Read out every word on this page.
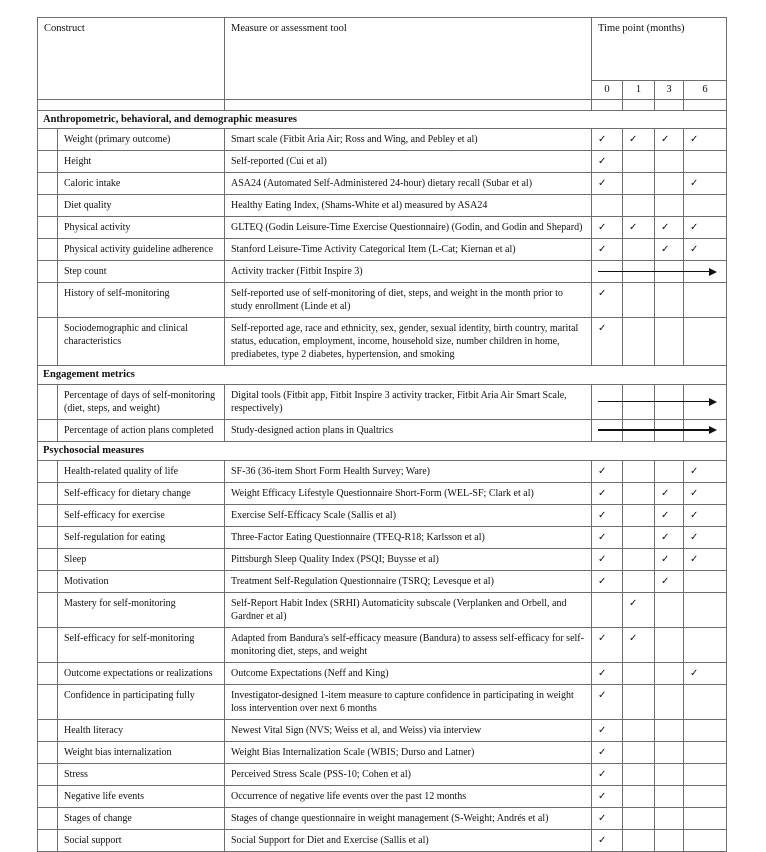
Construct		Measure or assessment tool	Time point (months)			
			0	1	3	6

Anthropometric, behavioral, and demographic measures						
	Weight (primary outcome)	Smart scale (Fitbit Aria Air; Ross and Wing, and Pebley et al)	✓	✓	✓	✓
	Height	Self-reported (Cui et al)	✓			
	Caloric intake	ASA24 (Automated Self-Administered 24-hour) dietary recall (Subar et al)	✓			✓
	Diet quality	Healthy Eating Index, (Shams-White et al) measured by ASA24				
	Physical activity	GLTEQ (Godin Leisure-Time Exercise Questionnaire) (Godin, and Godin and Shepard)	✓	✓	✓	✓
	Physical activity guideline adherence	Stanford Leisure-Time Activity Categorical Item (L-Cat; Kiernan et al)	✓		✓	✓
	Step count	Activity tracker (Fitbit Inspire 3)	

	History of self-monitoring	Self-reported use of self-monitoring of diet, steps, and weight in the month prior to study enrollment (Linde et al)	✓			
	Sociodemographic and clinical characteristics	Self-reported age, race and ethnicity, sex, gender, sexual identity, birth country, marital status, education, employment, income, household size, number children in home, prediabetes, type 2 diabetes, hypertension, and smoking	✓			
Engagement metrics						
	Percentage of days of self-monitoring (diet, steps, and weight)	Digital tools (Fitbit app, Fitbit Inspire 3 activity tracker, Fitbit Aria Air Smart Scale, respectively)	

	Percentage of action plans completed	Study-designed action plans in Qualtrics	

Psychosocial measures						
	Health-related quality of life	SF-36 (36-item Short Form Health Survey; Ware)	✓			✓
	Self-efficacy for dietary change	Weight Efficacy Lifestyle Questionnaire Short-Form (WEL-SF; Clark et al)	✓		✓	✓
	Self-efficacy for exercise	Exercise Self-Efficacy Scale (Sallis et al)	✓		✓	✓
	Self-regulation for eating	Three-Factor Eating Questionnaire (TFEQ-R18; Karlsson et al)	✓		✓	✓
	Sleep	Pittsburgh Sleep Quality Index (PSQI; Buysse et al)	✓		✓	✓
	Motivation	Treatment Self-Regulation Questionnaire (TSRQ; Levesque et al)	✓		✓	
	Mastery for self-monitoring	Self-Report Habit Index (SRHI) Automaticity subscale (Verplanken and Orbell, and Gardner et al)		✓		
	Self-efficacy for self-monitoring	Adapted from Bandura's self-efficacy measure (Bandura) to assess self-efficacy for self-monitoring diet, steps, and weight	✓	✓		
	Outcome expectations or realizations	Outcome Expectations (Neff and King)	✓			✓
	Confidence in participating fully	Investigator-designed 1-item measure to capture confidence in participating in weight loss intervention over next 6 months	✓			
	Health literacy	Newest Vital Sign (NVS; Weiss et al, and Weiss) via interview	✓			
	Weight bias internalization	Weight Bias Internalization Scale (WBIS; Durso and Latner)	✓			
	Stress	Perceived Stress Scale (PSS-10; Cohen et al)	✓			
	Negative life events	Occurrence of negative life events over the past 12 months	✓			
	Stages of change	Stages of change questionnaire in weight management (S-Weight; Andrés et al)	✓			
	Social support	Social Support for Diet and Exercise (Sallis et al)	✓			
